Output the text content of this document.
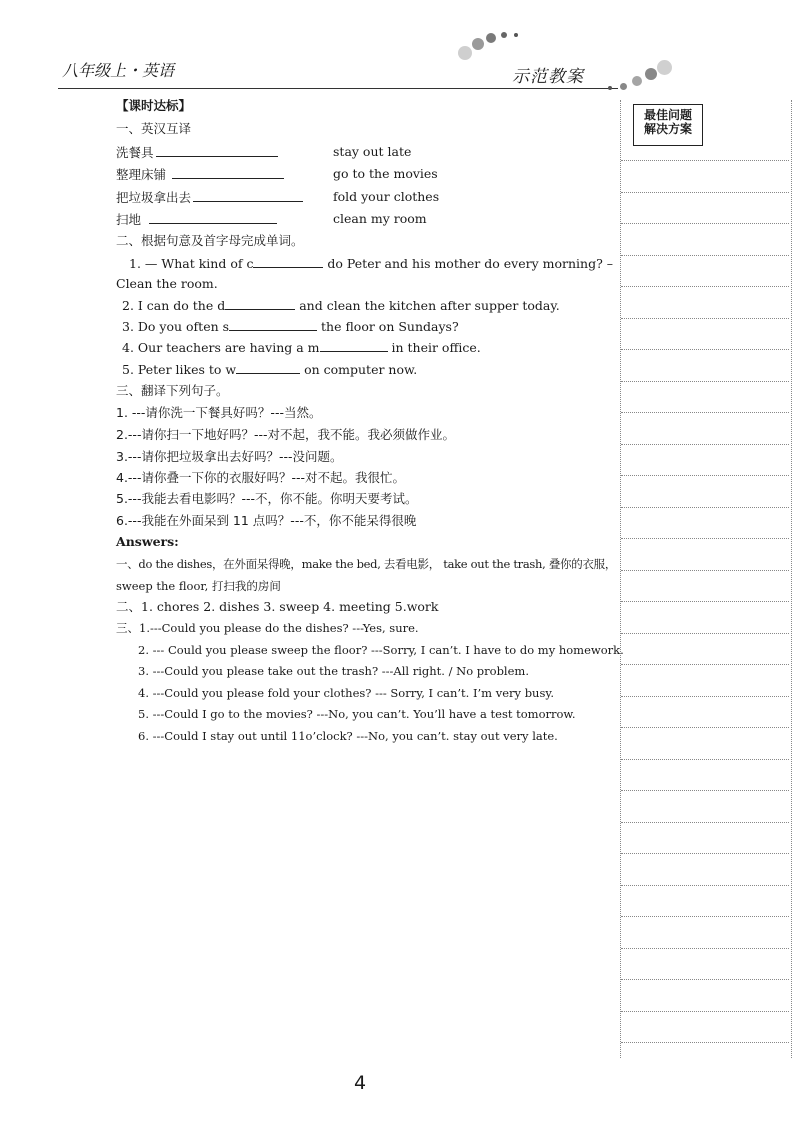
八年级上・英语	示范教案
最佳问题
解决方案
【课时达标】
一、英汉互译
洗餐具	stay out late
整理床铺	go to the movies
把垃圾拿出去	fold your clothes
扫地	clean my room
二、根据句意及首字母完成单词。
1. — What kind of c	do Peter and his mother do every morning? –
Clean the room.
2. I can do the d	and clean the kitchen after supper today.
3. Do you often s	the floor on Sundays?
4. Our teachers are having a m	in their office.
5. Peter likes to w	on computer now.
三、翻译下列句子。
1. ---请你洗一下餐具好吗？---当然。
2.---请你扫一下地好吗？---对不起，我不能。我必须做作业。
3.---请你把垃圾拿出去好吗？---没问题。
4.---请你叠一下你的衣服好吗？---对不起。我很忙。
5.---我能去看电影吗？---不，你不能。你明天要考试。
6.---我能在外面呆到 11 点吗？---不，你不能呆得很晚
Answers:
一、do the dishes，在外面呆得晚，make the bed, 去看电影， take out the trash, 叠你的衣服，
sweep the floor, 打扫我的房间
二、1. chores 2. dishes 3. sweep 4. meeting 5.work
三、1.---Could you please do the dishes? ---Yes, sure.
2. --- Could you please sweep the floor? ---Sorry, I can’t. I have to do my homework.
3. ---Could you please take out the trash? ---All right. / No problem.
4. ---Could you please fold your clothes? --- Sorry, I can’t. I’m very busy.
5. ---Could I go to the movies? ---No, you can’t. You’ll have a test tomorrow.
6. ---Could I stay out until 11o’clock? ---No, you can’t. stay out very late.
4
